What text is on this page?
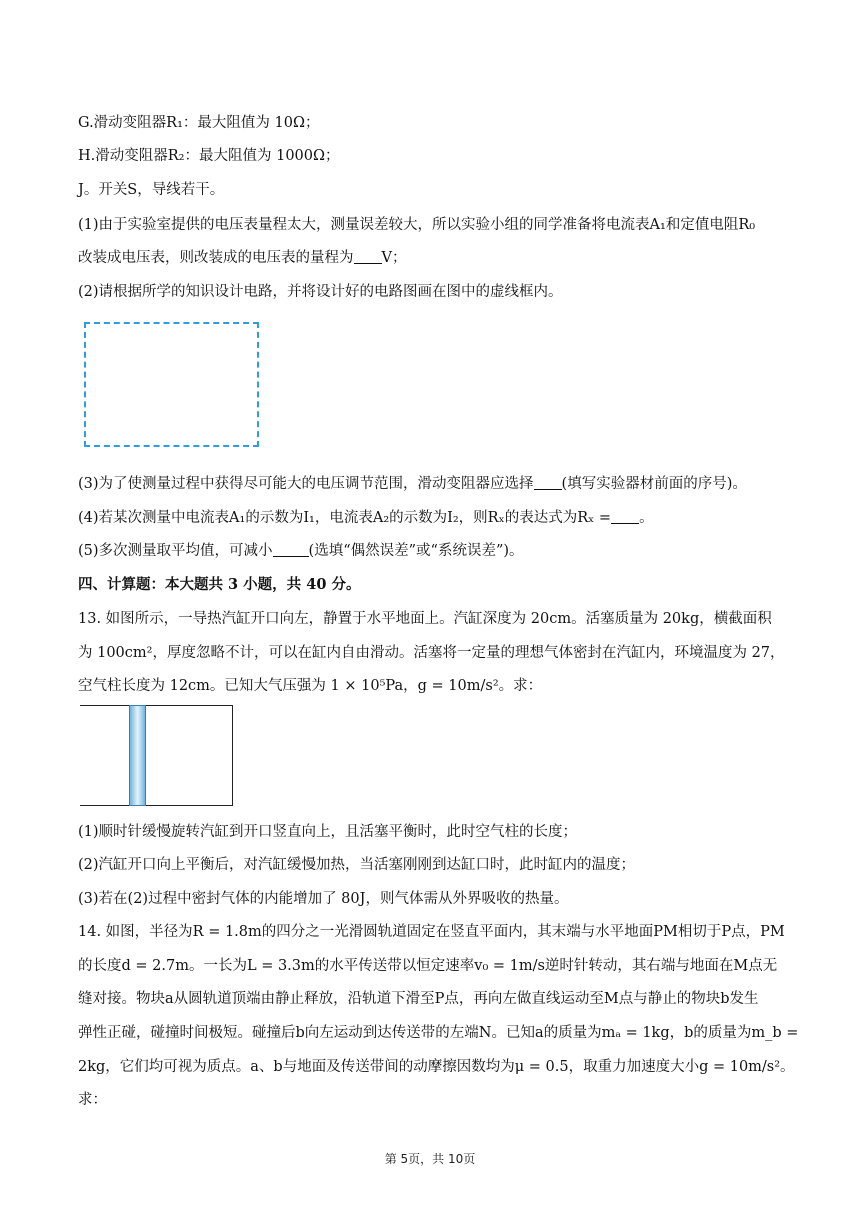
G.滑动变阻器R₁：最大阻值为 10Ω；
H.滑动变阻器R₂：最大阻值为 1000Ω；
J。开关S，导线若干。
(1)由于实验室提供的电压表量程太大，测量误差较大，所以实验小组的同学准备将电流表A₁和定值电阻R₀
改装成电压表，则改装成的电压表的量程为 V；
(2)请根据所学的知识设计电路，并将设计好的电路图画在图中的虚线框内。
(3)为了使测量过程中获得尽可能大的电压调节范围，滑动变阻器应选择 (填写实验器材前面的序号)。
(4)若某次测量中电流表A₁的示数为I₁，电流表A₂的示数为I₂，则Rₓ的表达式为Rₓ = 。
(5)多次测量取平均值，可减小 (选填“偶然误差”或“系统误差”)。
四、计算题：本大题共 3 小题，共 40 分。
13. 如图所示，一导热汽缸开口向左，静置于水平地面上。汽缸深度为 20cm。活塞质量为 20kg，横截面积
为 100cm²，厚度忽略不计，可以在缸内自由滑动。活塞将一定量的理想气体密封在汽缸内，环境温度为 27，
空气柱长度为 12cm。已知大气压强为 1 × 10⁵Pa，g = 10m/s²。求：
(1)顺时针缓慢旋转汽缸到开口竖直向上，且活塞平衡时，此时空气柱的长度；
(2)汽缸开口向上平衡后，对汽缸缓慢加热，当活塞刚刚到达缸口时，此时缸内的温度；
(3)若在(2)过程中密封气体的内能增加了 80J，则气体需从外界吸收的热量。
14. 如图，半径为R = 1.8m的四分之一光滑圆轨道固定在竖直平面内，其末端与水平地面PM相切于P点，PM
的长度d = 2.7m。一长为L = 3.3m的水平传送带以恒定速率v₀ = 1m/s逆时针转动，其右端与地面在M点无
缝对接。物块a从圆轨道顶端由静止释放，沿轨道下滑至P点，再向左做直线运动至M点与静止的物块b发生
弹性正碰，碰撞时间极短。碰撞后b向左运动到达传送带的左端N。已知a的质量为mₐ = 1kg，b的质量为m_b =
2kg，它们均可视为质点。a、b与地面及传送带间的动摩擦因数均为μ = 0.5，取重力加速度大小g = 10m/s²。
求：
第 5页，共 10页
